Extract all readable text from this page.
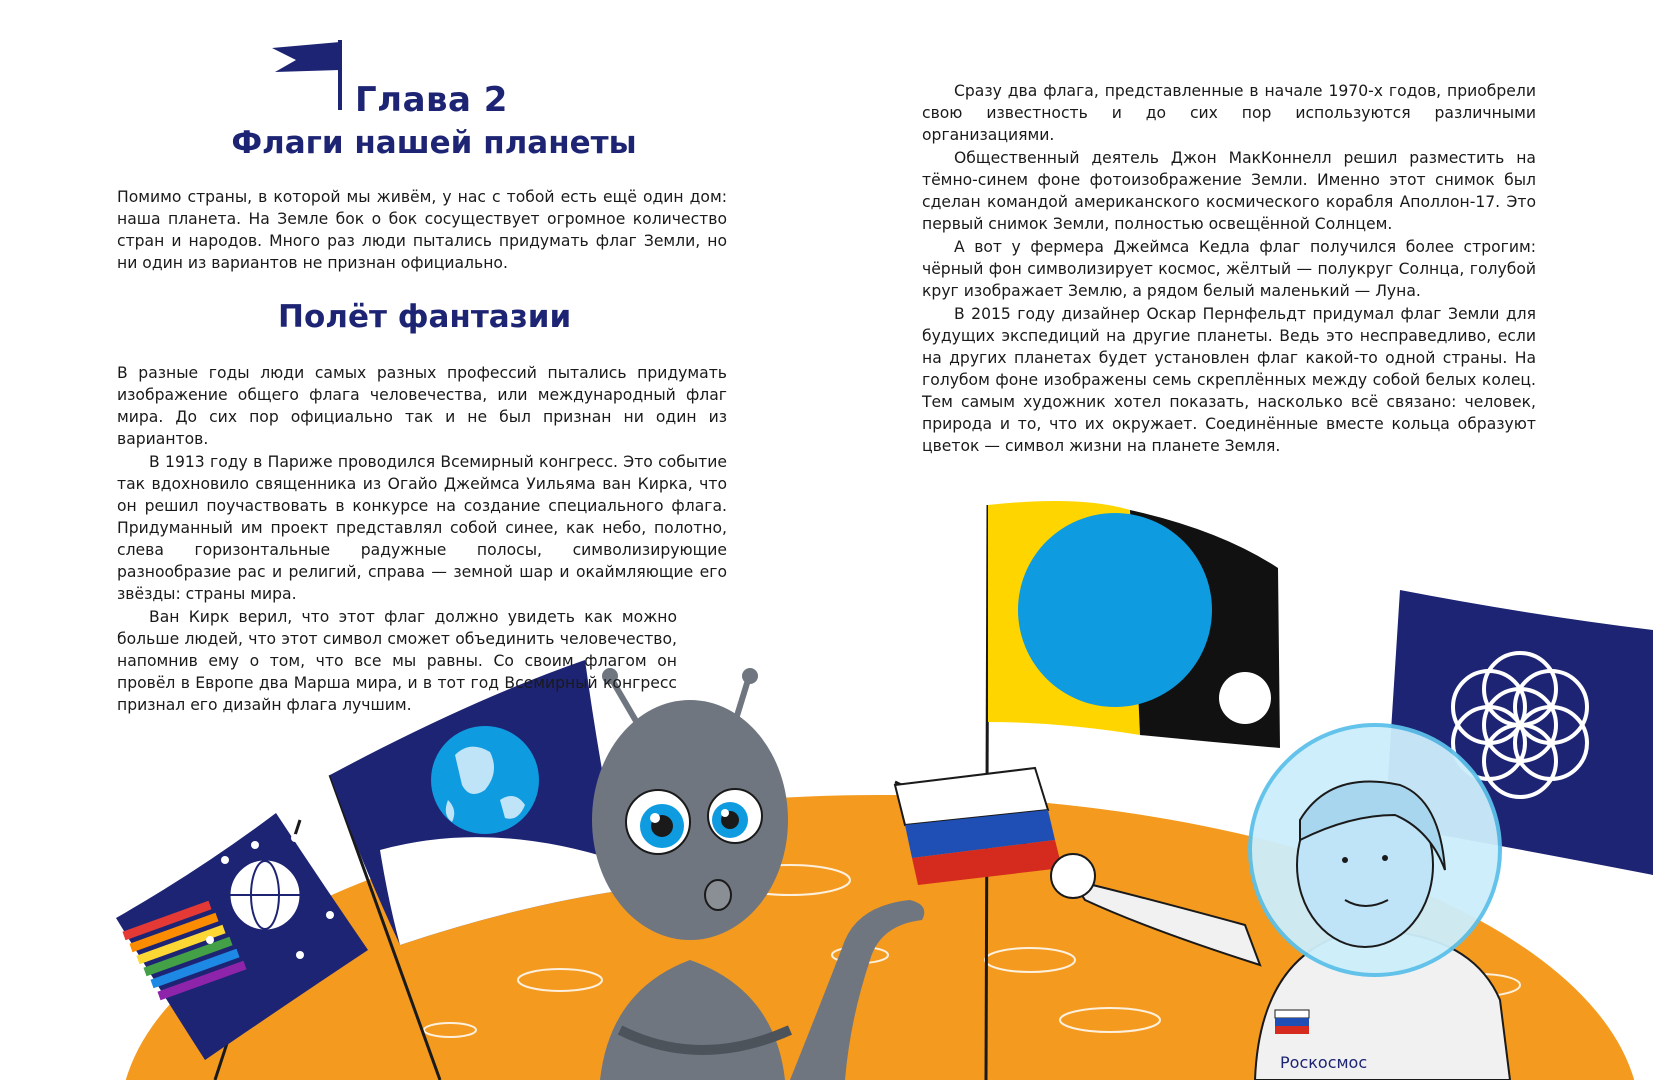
Роскосмос
Глава 2
Флаги нашей планеты

Помимо страны, в которой мы живём, у нас с тобой есть ещё один дом: наша планета. На Земле бок о бок сосуществует огромное количество стран и народов. Много раз люди пытались придумать флаг Земли, но ни один из вариантов не признан официально.

Полёт фантазии

В разные годы люди самых разных профессий пытались придумать изображение общего флага человечества, или международный флаг мира. До сих пор официально так и не был признан ни один из вариантов.

В 1913 году в Париже проводился Всемирный конгресс. Это событие так вдохновило священника из Огайо Джеймса Уильяма ван Кирка, что он решил поучаствовать в конкурсе на создание специального флага. Придуманный им проект представлял собой синее, как небо, полотно, слева горизонтальные радужные полосы, символизирующие разнообразие рас и религий, справа — земной шар и окаймляющие его звёзды: страны мира.

Ван Кирк верил, что этот флаг должно увидеть как можно больше людей, что этот символ сможет объединить человечество, напомнив ему о том, что все мы равны. Со своим флагом он провёл в Европе два Марша мира, и в тот год Всемирный конгресс признал его дизайн флага лучшим.

Сразу два флага, представленные в начале 1970-х годов, приобрели свою известность и до сих пор используются различными организациями.

Общественный деятель Джон МакКоннелл решил разместить на тёмно-синем фоне фотоизображение Земли. Именно этот снимок был сделан командой американского космического корабля Аполлон-17. Это первый снимок Земли, полностью освещённой Солнцем.

А вот у фермера Джеймса Кедла флаг получился более строгим: чёрный фон символизирует космос, жёлтый — полукруг Солнца, голубой круг изображает Землю, а рядом белый маленький — Луна.

В 2015 году дизайнер Оскар Пернфельдт придумал флаг Земли для будущих экспедиций на другие планеты. Ведь это несправедливо, если на других планетах будет установлен флаг какой-то одной страны. На голубом фоне изображены семь скреплённых между собой белых колец. Тем самым художник хотел показать, насколько всё связано: человек, природа и то, что их окружает. Соединённые вместе кольца образуют цветок — символ жизни на планете Земля.
